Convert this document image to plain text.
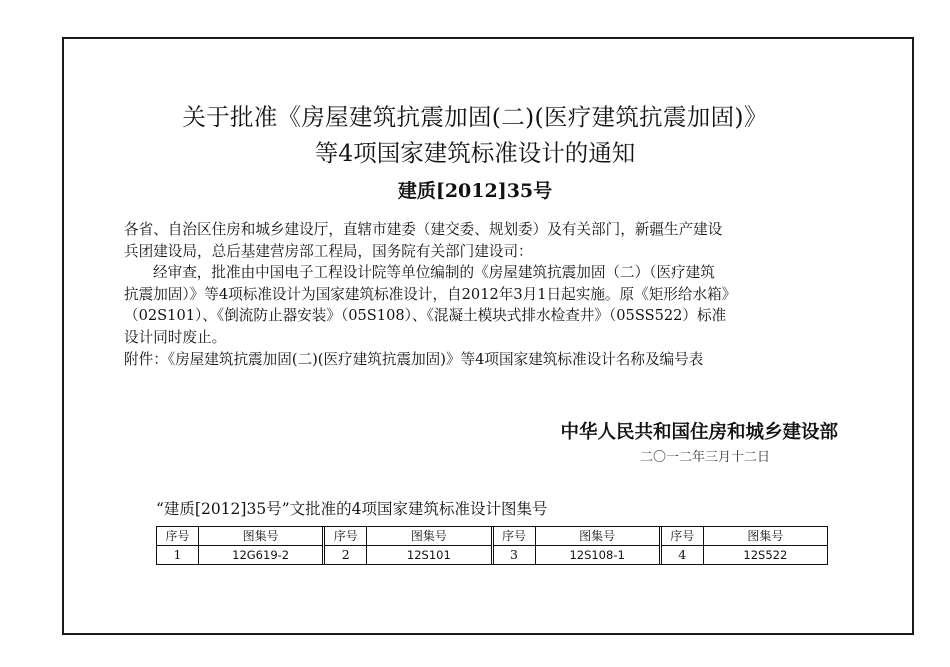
关于批准《房屋建筑抗震加固(二)(医疗建筑抗震加固)》
等4项国家建筑标准设计的通知
建质[2012]35号

各省、自治区住房和城乡建设厅，直辖市建委（建交委、规划委）及有关部门，新疆生产建设

兵团建设局，总后基建营房部工程局，国务院有关部门建设司：

经审查，批准由中国电子工程设计院等单位编制的《房屋建筑抗震加固（二）（医疗建筑

抗震加固）》等4项标准设计为国家建筑标准设计，自2012年3月1日起实施。原《矩形给水箱》

（02S101）、《倒流防止器安装》（05S108）、《混凝土模块式排水检查井》（05SS522）标准

设计同时废止。

附件：《房屋建筑抗震加固(二)(医疗建筑抗震加固)》等4项国家建筑标准设计名称及编号表

中华人民共和国住房和城乡建设部
二〇一二年三月十二日
“建质[2012]35号”文批准的4项国家建筑标准设计图集号
序号
1
图集号
12G619-2
序号
2
图集号
12S101
序号
3
图集号
12S108-1
序号
4
图集号
12S522
